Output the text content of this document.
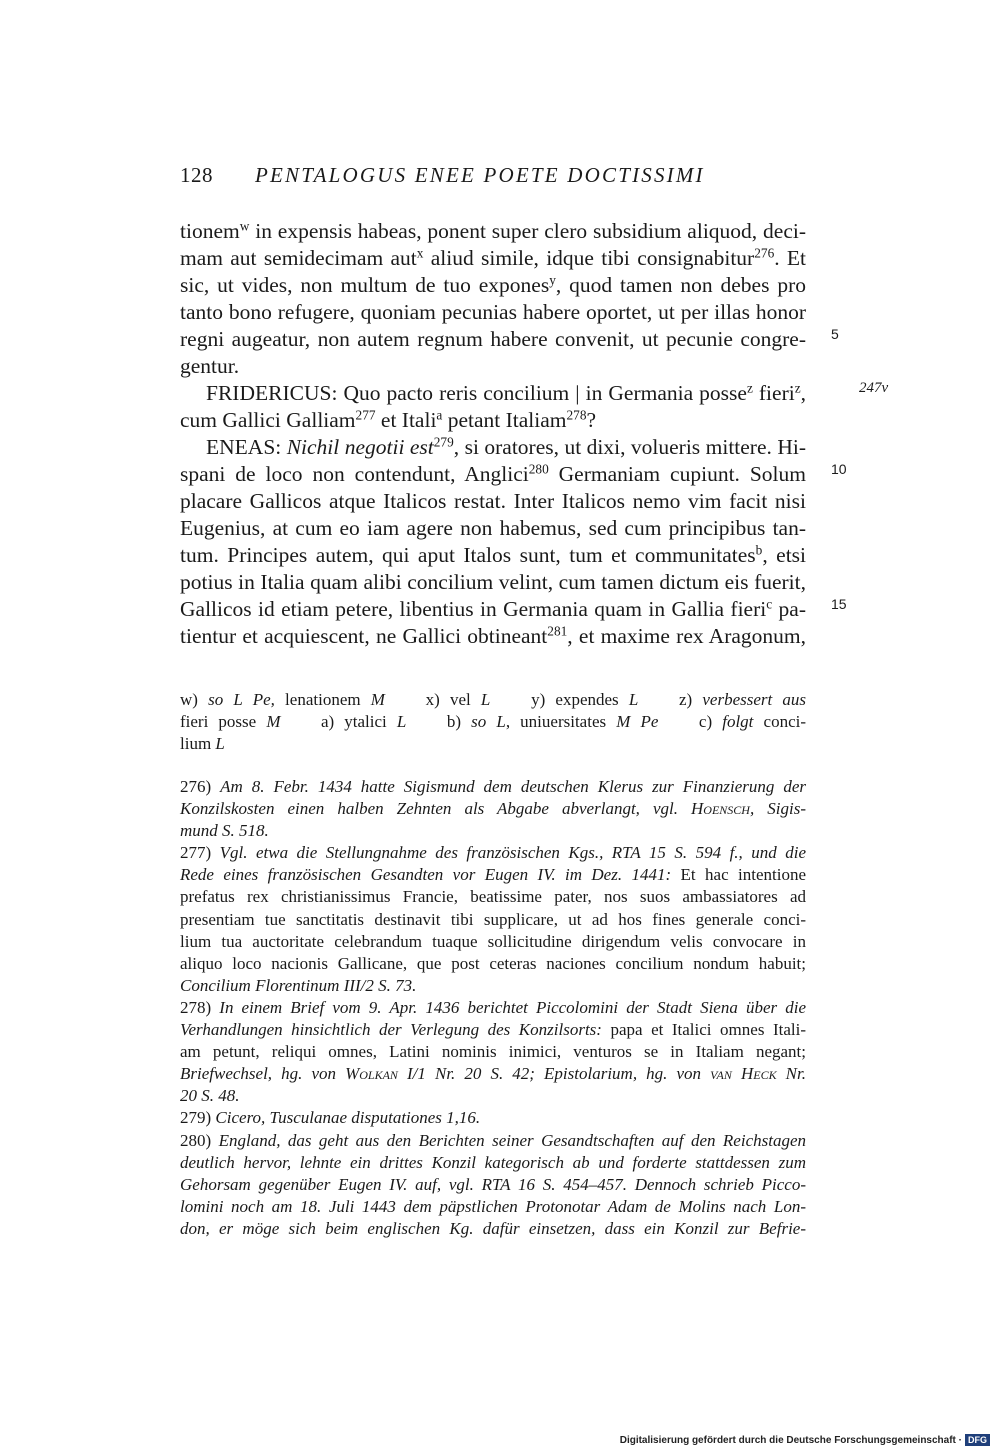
128 PENTALOGUS ENEE POETE DOCTISSIMI
tionem$^w$ in expensis habeas, ponent super clero subsidium aliquod, deci-
mam aut semidecimam aut$^x$ aliud simile, idque tibi consignabitur$^{276}$. Et
sic, ut vides, non multum de tuo expones$^y$, quod tamen non debes pro
tanto bono refugere, quoniam pecunias habere oportet, ut per illas honor
regni augeatur, non autem regnum habere convenit, ut pecunie congre-
gentur.
FRIDERICUS: Quo pacto reris concilium | in Germania posse$^z$ fieri$^z$,
cum Gallici Galliam$^{277}$ et Itali$^a$ petant Italiam$^{278}$?
ENEAS: Nichil negotii est$^{279}$, si oratores, ut dixi, volueris mittere. Hi-
spani de loco non contendunt, Anglici$^{280}$ Germaniam cupiunt. Solum
placare Gallicos atque Italicos restat. Inter Italicos nemo vim facit nisi
Eugenius, at cum eo iam agere non habemus, sed cum principibus tan-
tum. Principes autem, qui aput Italos sunt, tum et communitates$^b$, etsi
potius in Italia quam alibi concilium velint, cum tamen dictum eis fuerit,
Gallicos id etiam petere, libentius in Germania quam in Gallia fieri$^c$ pa-
tientur et acquiescent, ne Gallici obtineant$^{281}$, et maxime rex Aragonum,
5
10
15
247v
w) so L Pe, lenationem M x) vel L y) expendes L z) verbessert aus
fieri posse M a) ytalici L b) so L, uniuersitates M Pe c) folgt conci-
lium L
276) Am 8. Febr. 1434 hatte Sigismund dem deutschen Klerus zur Finanzierung der
Konzilskosten einen halben Zehnten als Abgabe abverlangt, vgl. Hoensch, Sigis-
mund S. 518.
277) Vgl. etwa die Stellungnahme des französischen Kgs., RTA 15 S. 594 f., und die
Rede eines französischen Gesandten vor Eugen IV. im Dez. 1441: Et hac intentione
prefatus rex christianissimus Francie, beatissime pater, nos suos ambassiatores ad
presentiam tue sanctitatis destinavit tibi supplicare, ut ad hos fines generale conci-
lium tua auctoritate celebrandum tuaque sollicitudine dirigendum velis convocare in
aliquo loco nacionis Gallicane, que post ceteras naciones concilium nondum habuit;
Concilium Florentinum III/2 S. 73.
278) In einem Brief vom 9. Apr. 1436 berichtet Piccolomini der Stadt Siena über die
Verhandlungen hinsichtlich der Verlegung des Konzilsorts: papa et Italici omnes Itali-
am petunt, reliqui omnes, Latini nominis inimici, venturos se in Italiam negant;
Briefwechsel, hg. von Wolkan I/1 Nr. 20 S. 42; Epistolarium, hg. von van Heck Nr.
20 S. 48.
279) Cicero, Tusculanae disputationes 1,16.
280) England, das geht aus den Berichten seiner Gesandtschaften auf den Reichstagen
deutlich hervor, lehnte ein drittes Konzil kategorisch ab und forderte stattdessen zum
Gehorsam gegenüber Eugen IV. auf, vgl. RTA 16 S. 454–457. Dennoch schrieb Picco-
lomini noch am 18. Juli 1443 dem päpstlichen Protonotar Adam de Molins nach Lon-
don, er möge sich beim englischen Kg. dafür einsetzen, dass ein Konzil zur Befrie-
Digitalisierung gefördert durch die Deutsche Forschungsgemeinschaft · DFG
